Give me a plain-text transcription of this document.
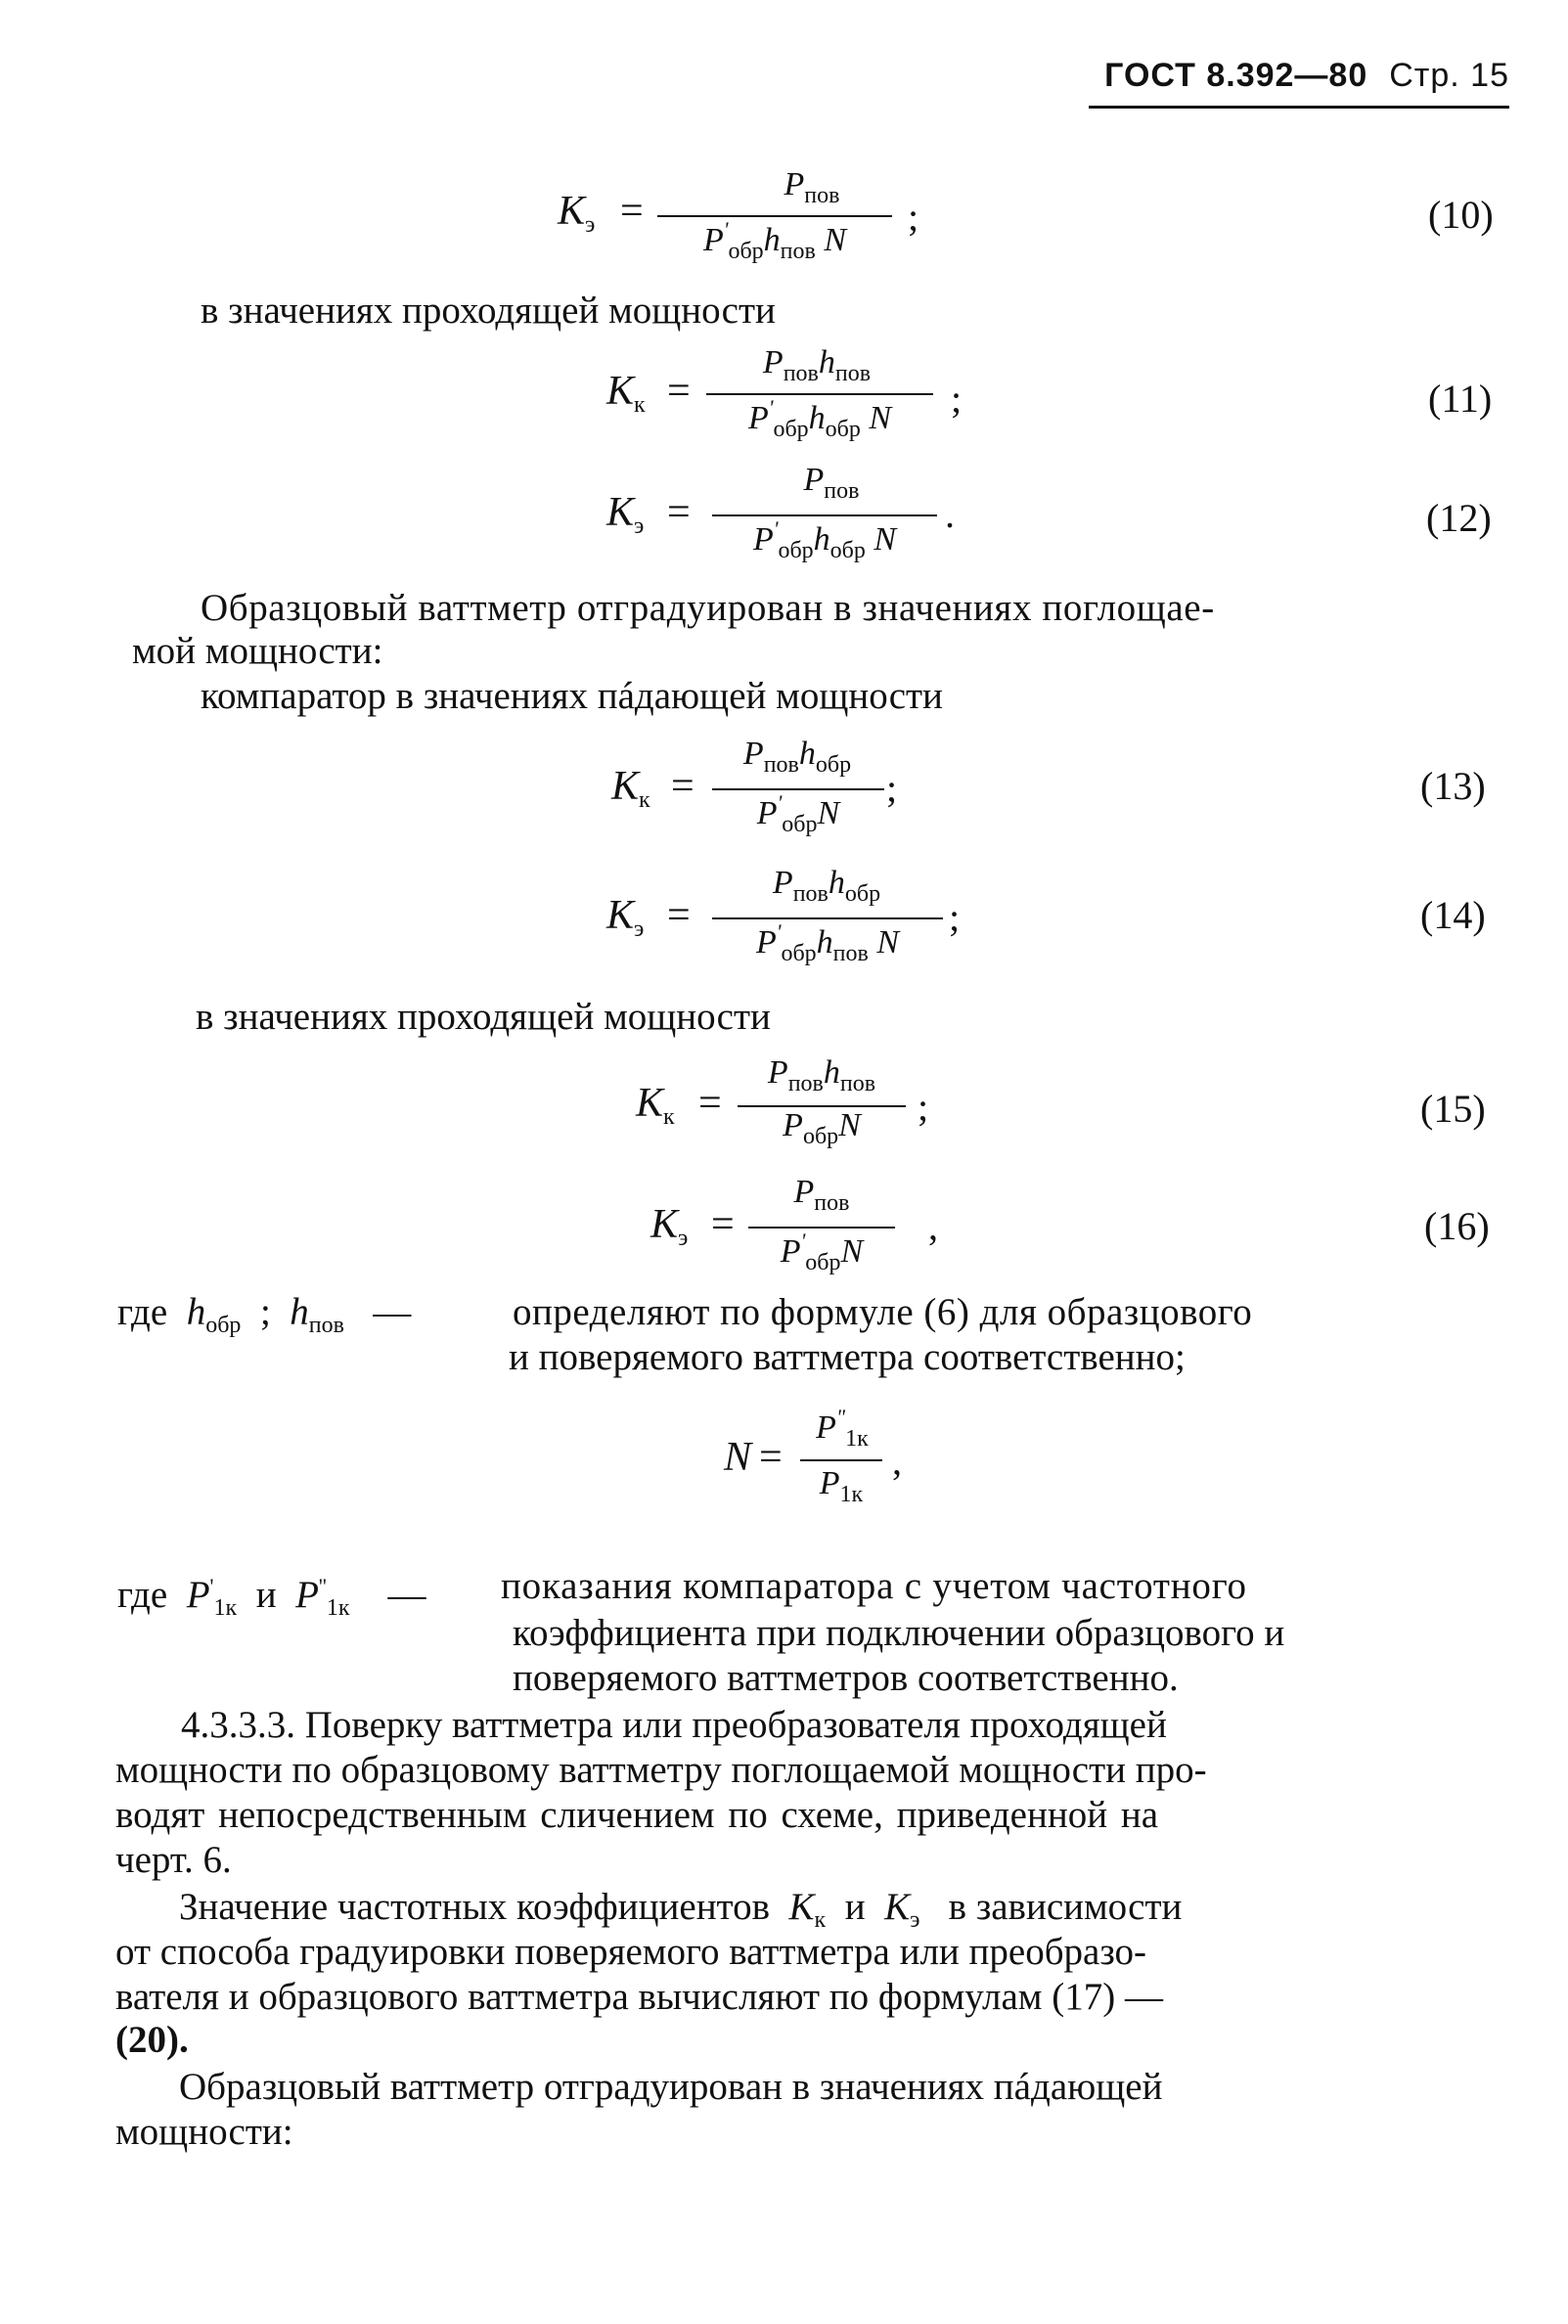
ГОСТ 8.392—80 Стр. 15
$K_э$ =
$P_{пов}$
$P'_{обр}h_{пов}$ N
;	(10)
в значениях проходящей мощности
$K_к$ =
$P_{пов}h_{пов}$
$P'_{обр}h_{обр}$ N	;	(11)
$K_э$ =
$P_{пов}$
$P'_{обр}h_{обр}$ N
.	(12)
Образцовый ваттметр отградуирован в значениях поглощае-
мой мощности:
компаратор в значениях пáдающей мощности
$K_к$ =
$P_{пов}h_{обр}$
$P'_{обр}N$
;	(13)
$K_э$ =
$P_{пов}h_{обр}$
$P'_{обр}h_{пов}$ N
;	(14)
в значениях проходящей мощности
$K_к$ =
$P_{пов}h_{пов}$
$P_{обр}N$	;	(15)
$K_э$ =
$P_{пов}$
$P'_{обр}N$
,	(16)
где $h_{обр}$ ; $h_{пов}$ —	определяют по формуле (6) для образцового
и поверяемого ваттметра соответственно;
N =
$P^"_{1к}$
$P_{1к}$
,
где $P'_{1к}$ и $P''_{1к}$ — показания компаратора с учетом частотного
коэффициента при подключении образцового и
поверяемого ваттметров соответственно.
4.3.3.3. Поверку ваттметра или преобразователя проходящей
мощности по образцовому ваттметру поглощаемой мощности про-
водят непосредственным сличением по схеме, приведенной на
черт. 6.
Значение частотных коэффициентов $K_к$ и $K_э$ в зависимости
от способа градуировки поверяемого ваттметра или преобразо-
вателя и образцового ваттметра вычисляют по формулам (17) —
(20).
Образцовый ваттметр отградуирован в значениях пáдающей
мощности:
